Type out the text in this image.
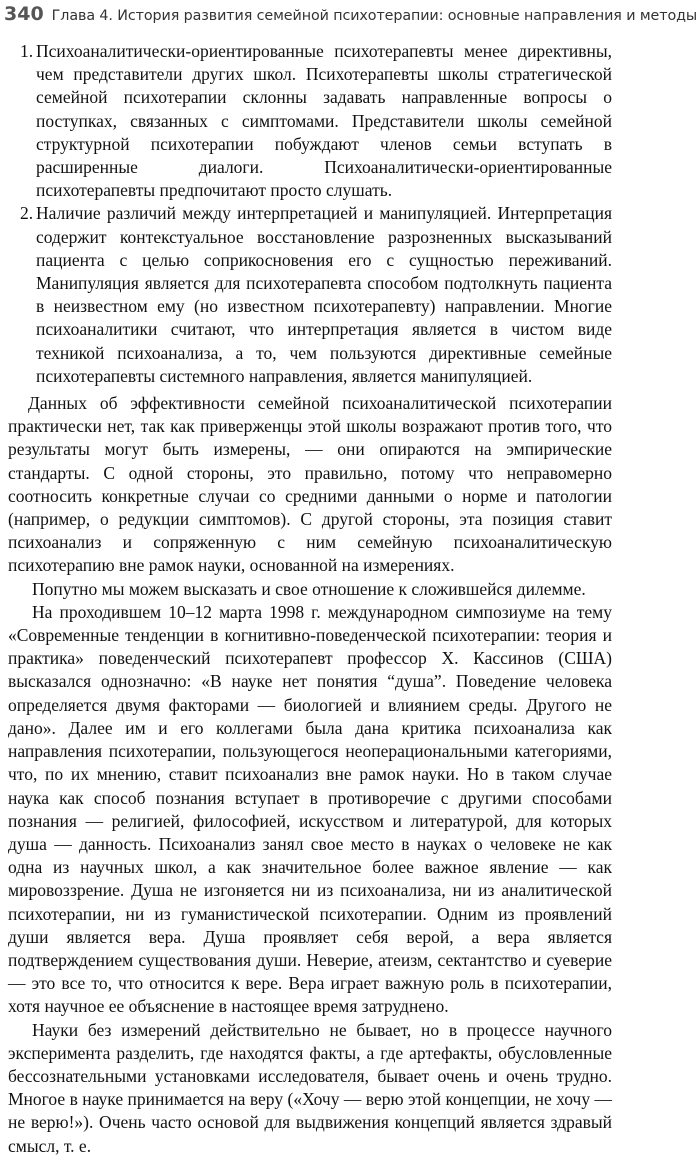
340 Глава 4. История развития семейной психотерапии: основные направления и методы
1. Психоаналитически-ориентированные психотерапевты менее директивны, чем представители других школ. Психотерапевты школы стратегической семейной психотерапии склонны задавать направленные вопросы о поступках, связанных с симптомами. Представители школы семейной структурной психотерапии побуждают членов семьи вступать в расширенные диалоги. Психоаналитически-ориентированные психотерапевты предпочитают просто слушать.
2. Наличие различий между интерпретацией и манипуляцией. Интерпретация содержит контекстуальное восстановление разрозненных высказываний пациента с целью соприкосновения его с сущностью переживаний. Манипуляция является для психотерапевта способом подтолкнуть пациента в неизвестном ему (но известном психотерапевту) направлении. Многие психоаналитики считают, что интерпретация является в чистом виде техникой психоанализа, а то, чем пользуются директивные семейные психотерапевты системного направления, является манипуляцией.

Данных об эффективности семейной психоаналитической психотерапии практически нет, так как приверженцы этой школы возражают против того, что результаты могут быть измерены, — они опираются на эмпирические стандарты. С одной стороны, это правильно, потому что неправомерно соотносить конкретные случаи со средними данными о норме и патологии (например, о редукции симптомов). С другой стороны, эта позиция ставит психоанализ и сопряженную с ним семейную психоаналитическую психотерапию вне рамок науки, основанной на измерениях.

Попутно мы можем высказать и свое отношение к сложившейся дилемме.

На проходившем 10–12 марта 1998 г. международном симпозиуме на тему «Современные тенденции в когнитивно-поведенческой психотерапии: теория и практика» поведенческий психотерапевт профессор Х. Кассинов (США) высказался однозначно: «В науке нет понятия “душа”. Поведение человека определяется двумя факторами — биологией и влиянием среды. Другого не дано». Далее им и его коллегами была дана критика психоанализа как направления психотерапии, пользующегося неоперациональными категориями, что, по их мнению, ставит психоанализ вне рамок науки. Но в таком случае наука как способ познания вступает в противоречие с другими способами познания — религией, философией, искусством и литературой, для которых душа — данность. Психоанализ занял свое место в науках о человеке не как одна из научных школ, а как значительное более важное явление — как мировоззрение. Душа не изгоняется ни из психоанализа, ни из аналитической психотерапии, ни из гуманистической психотерапии. Одним из проявлений души является вера. Душа проявляет себя верой, а вера является подтверждением существования души. Неверие, атеизм, сектантство и суеверие — это все то, что относится к вере. Вера играет важную роль в психотерапии, хотя научное ее объяснение в настоящее время затруднено.

Науки без измерений действительно не бывает, но в процессе научного эксперимента разделить, где находятся факты, а где артефакты, обусловленные бессознательными установками исследователя, бывает очень и очень трудно. Многое в науке принимается на веру («Хочу — верю этой концепции, не хочу — не верю!»). Очень часто основой для выдвижения концепций является здравый смысл, т. е.
